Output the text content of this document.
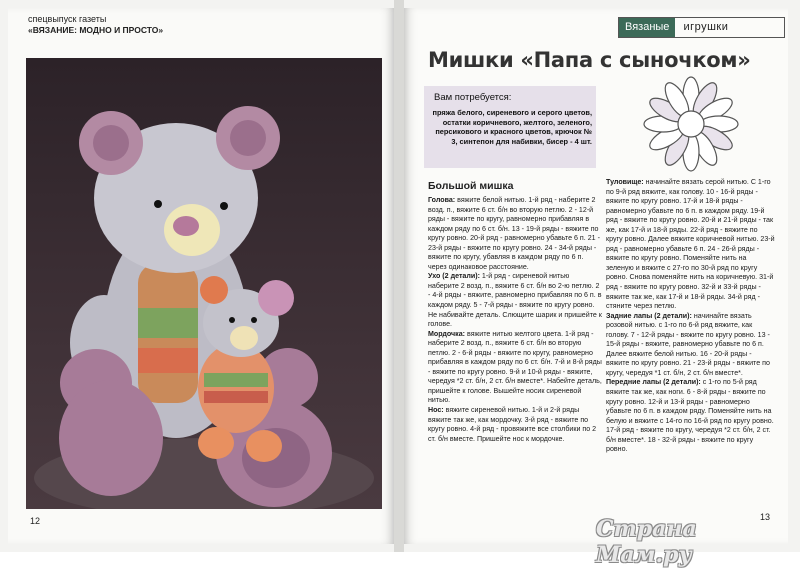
спецвыпуск газеты
«ВЯЗАНИЕ: МОДНО И ПРОСТО»
12
Вязаные	игрушки
Мишки «Папа с сыночком»
Вам потребуется:
пряжа белого, сиреневого и серого цветов, остатки коричневого, желтого, зеленого, персикового и красного цветов, крючок № 3, синтепон для набивки, бисер - 4 шт.
Большой мишка

Голова: вяжите белой нитью. 1-й ряд - наберите 2 возд. п., вяжите 6 ст. б/н во вторую петлю. 2 - 12-й ряды - вяжите по кругу, равномерно прибавляя в каждом ряду по 6 ст. б/н. 13 - 19-й ряды - вяжите по кругу ровно. 20-й ряд - равномерно убавьте 6 п. 21 - 23-й ряды - вяжите по кругу ровно. 24 - 34-й ряды - вяжите по кругу, убавляя в каждом ряду по 6 п. через одинаковое расстояние.

Ухо (2 детали): 1-й ряд - сиреневой нитью наберите 2 возд. п., вяжите 6 ст. б/н во 2-ю петлю. 2 - 4-й ряды - вяжите, равномерно прибавляя по 6 п. в каждом ряду. 5 - 7-й ряды - вяжите по кругу ровно. Не набивайте деталь. Слющите шарик и пришейте к голове.

Мордочка: вяжите нитью желтого цвета. 1-й ряд - наберите 2 возд. п., вяжите 6 ст. б/н во вторую петлю. 2 - 6-й ряды - вяжите по кругу, равномерно прибавляя в каждом ряду по 6 ст. б/н. 7-й и 8-й ряды - вяжите по кругу ровно. 9-й и 10-й ряды - вяжите, чередуя *2 ст. б/н, 2 ст. б/н вместе*. Набейте деталь, пришейте к голове. Вышейте носик сиреневой нитью.

Нос: вяжите сиреневой нитью. 1-й и 2-й ряды вяжите так же, как мордочку. 3-й ряд - вяжите по кругу ровно. 4-й ряд - провяжите все столбики по 2 ст. б/н вместе. Пришейте нос к мордочке.

Туловище: начинайте вязать серой нитью. С 1-го по 9-й ряд вяжите, как голову. 10 - 16-й ряды - вяжите по кругу ровно. 17-й и 18-й ряды - равномерно убавьте по 6 п. в каждом ряду. 19-й ряд - вяжите по кругу ровно. 20-й и 21-й ряды - так же, как 17-й и 18-й ряды. 22-й ряд - вяжите по кругу ровно. Далее вяжите коричневой нитью. 23-й ряд - равномерно убавьте 6 п. 24 - 26-й ряды - вяжите по кругу ровно. Поменяйте нить на зеленую и вяжите с 27-го по 30-й ряд по кругу ровно. Снова поменяйте нить на коричневую. 31-й ряд - вяжите по кругу ровно. 32-й и 33-й ряды - вяжите так же, как 17-й и 18-й ряды. 34-й ряд - стяните через петлю.

Задние лапы (2 детали): начинайте вязать розовой нитью. с 1-го по 6-й ряд вяжите, как голову. 7 - 12-й ряды - вяжите по кругу ровно. 13 - 15-й ряды - вяжите, равномерно убавьте по 6 п. Далее вяжите белой нитью. 16 - 20-й ряды - вяжите по кругу ровно. 21 - 23-й ряды - вяжите по кругу, чередуя *1 ст. б/н, 2 ст. б/н вместе*.

Передние лапы (2 детали): с 1-го по 5-й ряд вяжите так же, как ноги. 6 - 8-й ряды - вяжите по кругу ровно. 12-й и 13-й ряды - равномерно убавьте по 6 п. в каждом ряду. Поменяйте нить на белую и вяжите с 14-го по 16-й ряд по кругу ровно. 17-й ряд - вяжите по кругу, чередуя *2 ст. б/н, 2 ст. б/н вместе*. 18 - 32-й ряды - вяжите по кругу ровно.

13
Страна Мам.ру
